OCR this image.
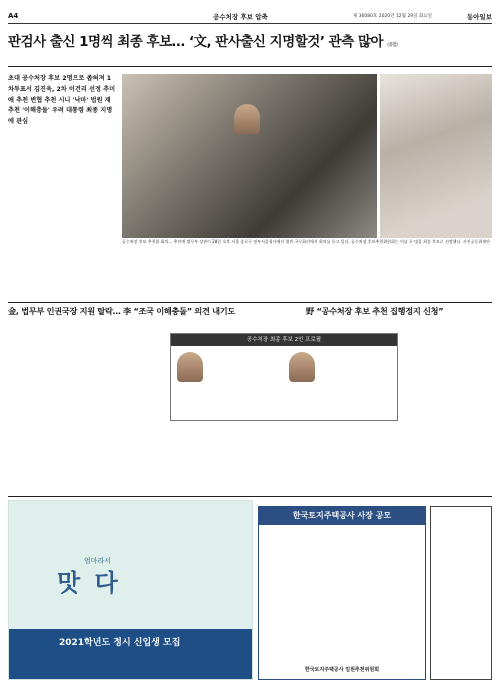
A4	공수처장 후보 압축	제 36080호 2020년 12월 29일 화요일	동아일보
판검사 출신 1명씩 최종 후보… ‘文, 판사출신 지명할것’ 관측 많아 (종합)
초대 공수처장 후보 2명으로 좁혀져 1차투표서 김진욱, 2차 이건리 선정 추미애 추천 변협 추천 시니 '낙마' 법원 재추천 '이해충돌' 우려 대통령 최종 지명에 관심
공수처장 후보 추천위 회의… 추미애 법무부 장관이 28일 오후 서울 종로구 정부서울청사에서 열린 국무회의에서 회의를 듣고 있다. 공수처장 후보추천위원회는 이날 두 명을 최종 후보로 선정했다. 사진공동취재단
金, 법무부 인권국장 지원 탈락… 李 “조국 이해충돌” 의견 내기도	野 “공수처장 후보 추천 집행정지 신청”
공수처장 최종 후보 2인 프로필
엄마라서
맛 다
2021학년도 정시 신입생 모집
한국토지주택공사 사장 공모
한국토지주택공사 임원추천위원회
